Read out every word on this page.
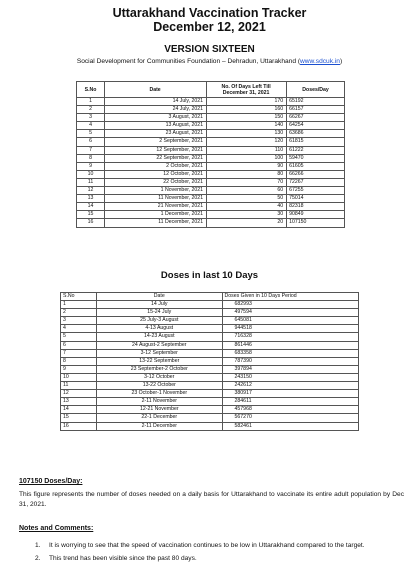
Uttarakhand Vaccination Tracker
December 12, 2021
VERSION SIXTEEN
Social Development for Communities Foundation – Dehradun, Uttarakhand (www.sdcuk.in)
S.No	Date	No. Of Days Left Till December 31, 2021	Doses/Day
1	14 July, 2021	170	65192
2	24 July, 2021	160	66157
3	3 August, 2021	150	66267
4	13 August, 2021	140	64254
5	23 August, 2021	130	63686
6	2 September, 2021	120	61815
7	12 September, 2021	110	61222
8	22 September, 2021	100	59470
9	2 October, 2021	90	61605
10	12 October, 2021	80	66266
11	22 October, 2021	70	72267
12	1 November, 2021	60	67255
13	11 November, 2021	50	75014
14	21 November, 2021	40	82318
15	1 December, 2021	30	90849
16	11 December, 2021	20	107150
Doses in last 10 Days
S.No	Date	Doses Given in 10 Days Period
1	14 July	682993
2	15-24 July	497594
3	25 July-3 August	645081
4	4-13 August	944518
5	14-23 August	716328
6	24 August-2 September	861446
7	3-12 September	683358
8	13-22 September	787390
9	23 September-2 October	397894
10	3-12 October	243150
11	13-22 October	242612
12	23 October-1 November	380917
13	2-11 November	284611
14	12-21 November	457968
15	22-1 December	567270
16	2-11 December	582461
107150 Doses/Day:
This figure represents the number of doses needed on a daily basis for Uttarakhand to vaccinate its entire adult population by Dec 31, 2021.
Notes and Comments:
1. It is worrying to see that the speed of vaccination continues to be low in Uttarakhand compared to the target.
2. This trend has been visible since the past 80 days.
